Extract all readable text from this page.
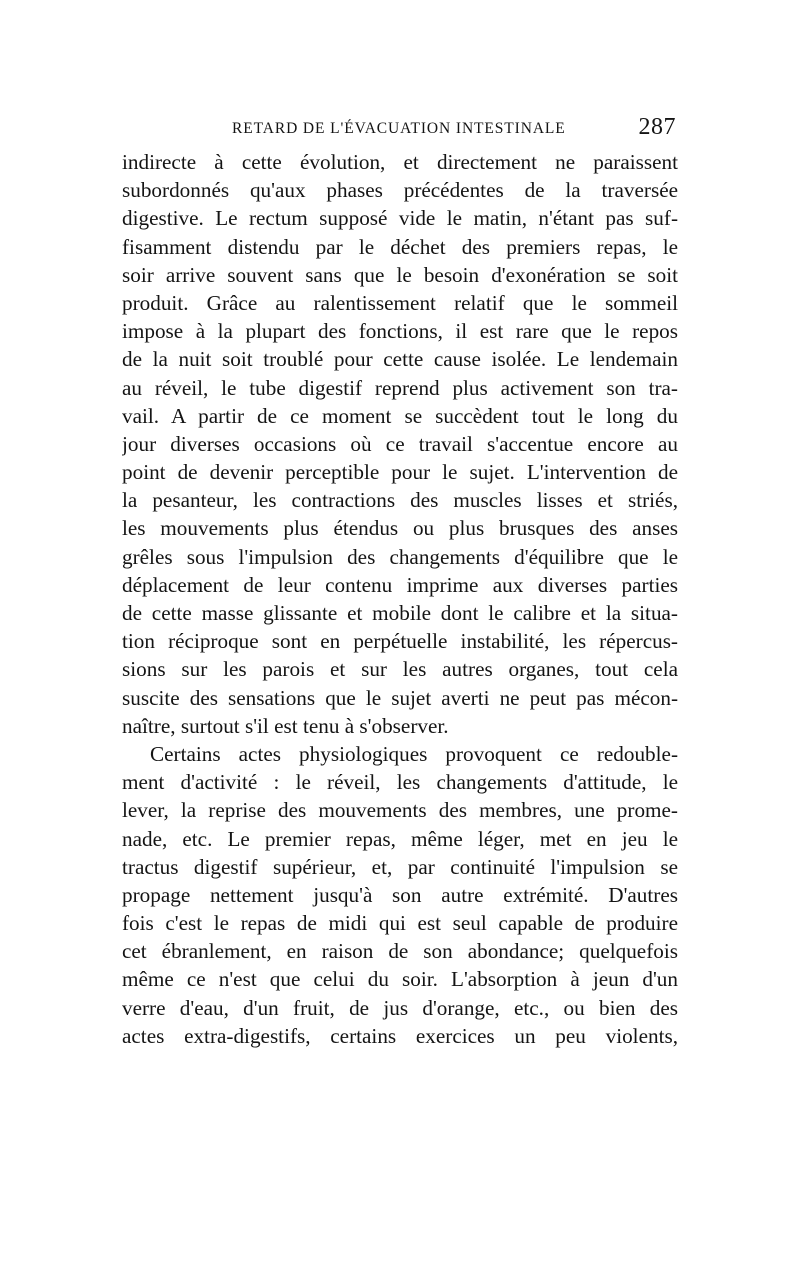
RETARD DE L'ÉVACUATION INTESTINALE	287
indirecte à cette évolution, et directement ne paraissent
subordonnés qu'aux phases précédentes de la traversée
digestive. Le rectum supposé vide le matin, n'étant pas suf-
fisamment distendu par le déchet des premiers repas, le
soir arrive souvent sans que le besoin d'exonération se soit
produit. Grâce au ralentissement relatif que le sommeil
impose à la plupart des fonctions, il est rare que le repos
de la nuit soit troublé pour cette cause isolée. Le lendemain
au réveil, le tube digestif reprend plus activement son tra-
vail. A partir de ce moment se succèdent tout le long du
jour diverses occasions où ce travail s'accentue encore au
point de devenir perceptible pour le sujet. L'intervention de
la pesanteur, les contractions des muscles lisses et striés,
les mouvements plus étendus ou plus brusques des anses
grêles sous l'impulsion des changements d'équilibre que le
déplacement de leur contenu imprime aux diverses parties
de cette masse glissante et mobile dont le calibre et la situa-
tion réciproque sont en perpétuelle instabilité, les répercus-
sions sur les parois et sur les autres organes, tout cela
suscite des sensations que le sujet averti ne peut pas mécon-
naître, surtout s'il est tenu à s'observer.
Certains actes physiologiques provoquent ce redouble-
ment d'activité : le réveil, les changements d'attitude, le
lever, la reprise des mouvements des membres, une prome-
nade, etc. Le premier repas, même léger, met en jeu le
tractus digestif supérieur, et, par continuité l'impulsion se
propage nettement jusqu'à son autre extrémité. D'autres
fois c'est le repas de midi qui est seul capable de produire
cet ébranlement, en raison de son abondance; quelquefois
même ce n'est que celui du soir. L'absorption à jeun d'un
verre d'eau, d'un fruit, de jus d'orange, etc., ou bien des
actes extra-digestifs, certains exercices un peu violents,
